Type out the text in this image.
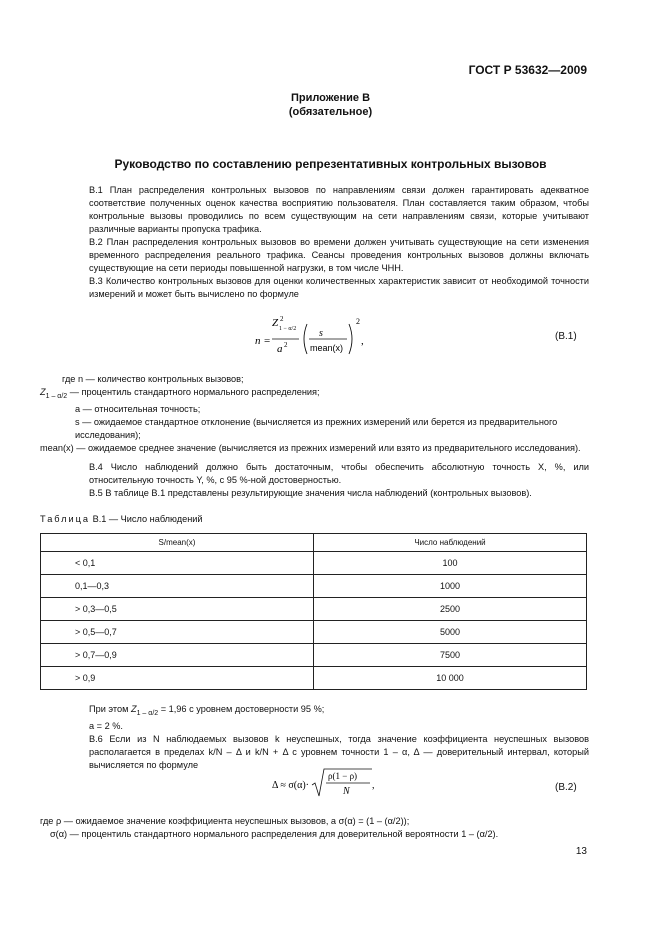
ГОСТ Р 53632—2009
Приложение В
(обязательное)
Руководство по составлению репрезентативных контрольных вызовов
В.1 План распределения контрольных вызовов по направлениям связи должен гарантировать адекватное соответствие полученных оценок качества восприятию пользователя. План составляется таким образом, чтобы контрольные вызовы проводились по всем существующим на сети направлениям связи, которые учитывают различные варианты пропуска трафика.
В.2 План распределения контрольных вызовов во времени должен учитывать существующие на сети изменения временного распределения реального трафика. Сеансы проведения контрольных вызовов должны включать существующие на сети периоды повышенной нагрузки, в том числе ЧНН.
В.3 Количество контрольных вызовов для оценки количественных характеристик зависит от необходимой точности измерений и может быть вычислено по формуле
n =
Z 2
1 − α/2
a 2
s
mean(x)
2
,	(В.1)
где n — количество контрольных вызовов;
$Z_{1 - \alpha/2}$ — процентиль стандартного нормального распределения;
a — относительная точность;
s — ожидаемое стандартное отклонение (вычисляется из прежних измерений или берется из предварительного исследования);
mean(x) — ожидаемое среднее значение (вычисляется из прежних измерений или взято из предварительного исследования).
В.4 Число наблюдений должно быть достаточным, чтобы обеспечить абсолютную точность X, %, или относительную точность Y, %, с 95 %-ной достоверностью.
В.5 В таблице В.1 представлены результирующие значения числа наблюдений (контрольных вызовов).
Таблица В.1 — Число наблюдений
S/mean(x)	Число наблюдений
< 0,1	100
0,1—0,3	1000
> 0,3—0,5	2500
> 0,5—0,7	5000
> 0,7—0,9	7500
> 0,9	10 000
При этом $Z_{1 - \alpha/2} = 1,96$ с уровнем достоверности 95 %;
a = 2 %.
В.6 Если из N наблюдаемых вызовов k неуспешных, тогда значение коэффициента неуспешных вызовов располагается в пределах k/N – Δ и k/N + Δ с уровнем точности 1 – α, Δ — доверительный интервал, который вычисляется по формуле
Δ ≈ σ(α)·
ρ(1 − ρ)
N
,	(В.2)
где ρ — ожидаемое значение коэффициента неуспешных вызовов, а σ(α) = (1 – (α/2));
σ(α) — процентиль стандартного нормального распределения для доверительной вероятности 1 – (α/2).
13
